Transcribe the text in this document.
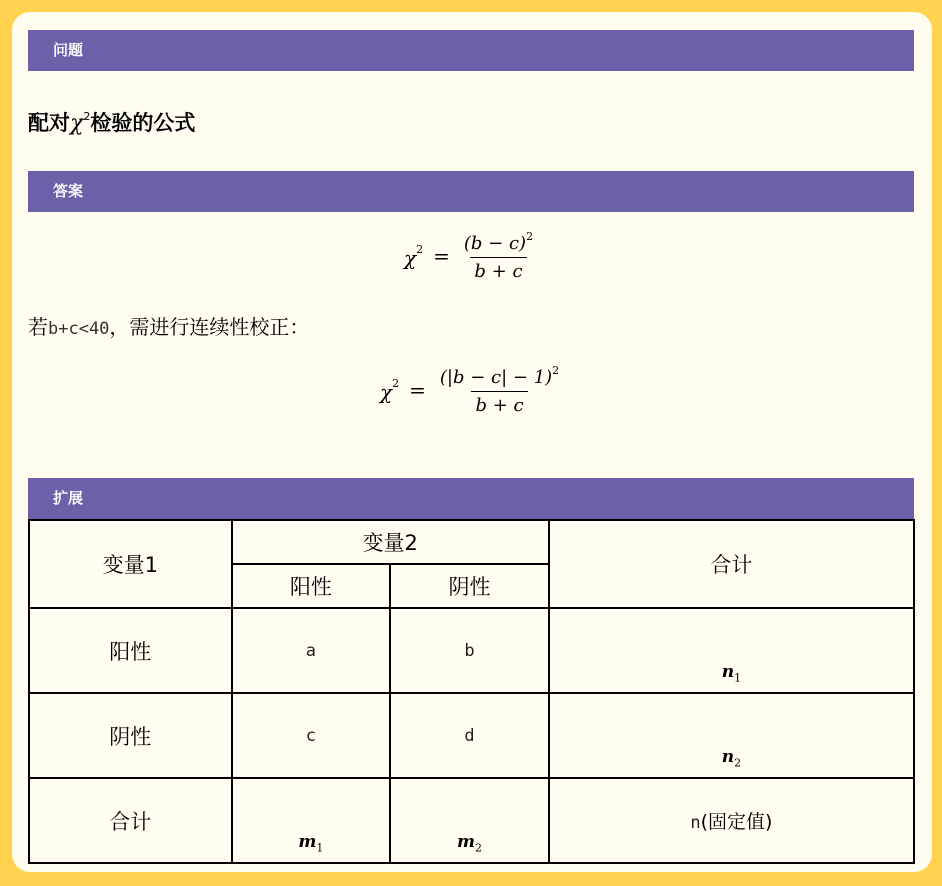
问题
配对$\chi^2$检验的公式
答案
$\chi^2 = \frac{(b - c)^2}{b + c}$
若b+c<40，需进行连续性校正：
$\chi^2 = \frac{(|b - c| - 1)^2}{b + c}$
扩展
变量1	变量2		合计
	阳性	阴性	
阳性	a	b	$n_1$
阴性	c	d	$n_2$
合计	$m_1$	$m_2$	n(固定值)
